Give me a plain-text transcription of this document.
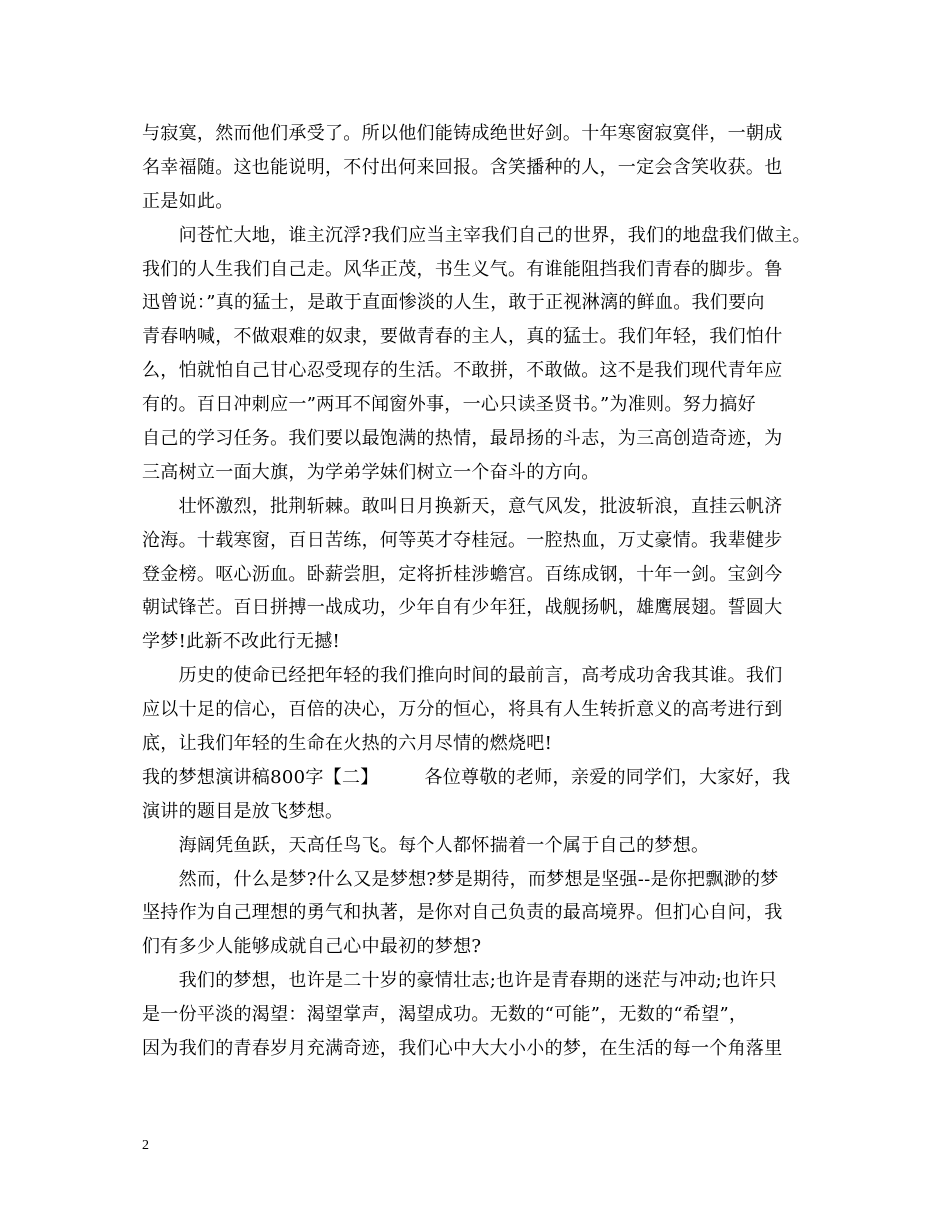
与寂寞，然而他们承受了。所以他们能铸成绝世好剑。十年寒窗寂寞伴，一朝成
名幸福随。这也能说明，不付出何来回报。含笑播种的人，一定会含笑收获。也
正是如此。
　　问苍忙大地，谁主沉浮?我们应当主宰我们自己的世界，我们的地盘我们做主。
我们的人生我们自己走。风华正茂，书生义气。有谁能阻挡我们青春的脚步。鲁
迅曾说：”真的猛士，是敢于直面惨淡的人生，敢于正视淋漓的鲜血。我们要向
青春呐喊，不做艰难的奴隶，要做青春的主人，真的猛士。我们年轻，我们怕什
么，怕就怕自己甘心忍受现存的生活。不敢拼，不敢做。这不是我们现代青年应
有的。百日冲刺应一”两耳不闻窗外事，一心只读圣贤书。”为准则。努力搞好
自己的学习任务。我们要以最饱满的热情，最昂扬的斗志，为三高创造奇迹，为
三高树立一面大旗，为学弟学妹们树立一个奋斗的方向。
　　壮怀激烈，批荆斩棘。敢叫日月换新天，意气风发，批波斩浪，直挂云帆济
沧海。十载寒窗，百日苦练，何等英才夺桂冠。一腔热血，万丈豪情。我辈健步
登金榜。呕心沥血。卧薪尝胆，定将折桂涉蟾宫。百练成钢，十年一剑。宝剑今
朝试锋芒。百日拼搏一战成功，少年自有少年狂，战舰扬帆，雄鹰展翅。誓圆大
学梦!此新不改此行无撼!
　　历史的使命已经把年轻的我们推向时间的最前言，高考成功舍我其谁。我们
应以十足的信心，百倍的决心，万分的恒心，将具有人生转折意义的高考进行到
底，让我们年轻的生命在火热的六月尽情的燃烧吧!
我的梦想演讲稿800字【二】　　　各位尊敬的老师，亲爱的同学们，大家好，我
演讲的题目是放飞梦想。
　　海阔凭鱼跃，天高任鸟飞。每个人都怀揣着一个属于自己的梦想。
　　然而，什么是梦?什么又是梦想?梦是期待，而梦想是坚强--是你把飘渺的梦
坚持作为自己理想的勇气和执著，是你对自己负责的最高境界。但扪心自问，我
们有多少人能够成就自己心中最初的梦想?
　　我们的梦想，也许是二十岁的豪情壮志;也许是青春期的迷茫与冲动;也许只
是一份平淡的渴望：渴望掌声，渴望成功。无数的“可能”，无数的“希望”，
因为我们的青春岁月充满奇迹，我们心中大大小小的梦，在生活的每一个角落里
2
